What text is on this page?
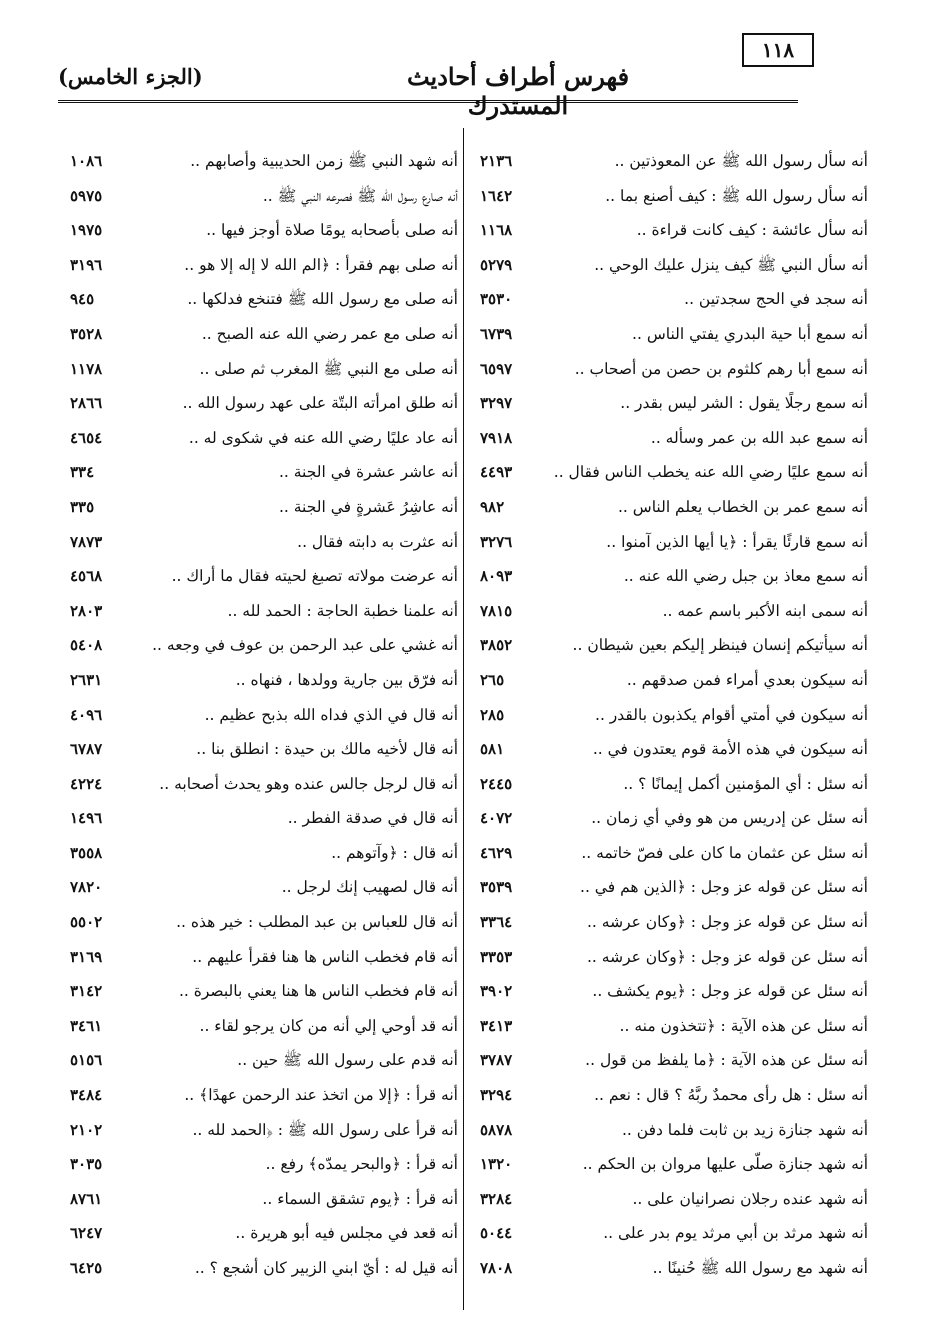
فهرس أطراف أحاديث المستدرك
(الجزء الخامس)
١١٨
٢١٣٦	أنه سأل رسول الله ﷺ عن المعوذتين ..
١٦٤٢	أنه سأل رسول الله ﷺ : كيف أصنع بما ..
١١٦٨	أنه سأل عائشة : كيف كانت قراءة ..
٥٢٧٩	أنه سأل النبي ﷺ كيف ينزل عليك الوحي ..
٣٥٣٠	أنه سجد في الحج سجدتين ..
٦٧٣٩	أنه سمع أبا حية البدري يفتي الناس ..
٦٥٩٧	أنه سمع أبا رهم كلثوم بن حصن من أصحاب ..
٣٢٩٧	أنه سمع رجلًا يقول : الشر ليس بقدر ..
٧٩١٨	أنه سمع عبد الله بن عمر وسأله ..
٤٤٩٣	أنه سمع عليًا رضي الله عنه يخطب الناس فقال ..
٩٨٢	أنه سمع عمر بن الخطاب يعلم الناس ..
٣٢٧٦	أنه سمع قارئًا يقرأ : ﴿يا أيها الذين آمنوا ..
٨٠٩٣	أنه سمع معاذ بن جبل رضي الله عنه ..
٧٨١٥	أنه سمى ابنه الأكبر باسم عمه ..
٣٨٥٢	أنه سيأتيكم إنسان فينظر إليكم بعين شيطان ..
٢٦٥	أنه سيكون بعدي أمراء فمن صدقهم ..
٢٨٥	أنه سيكون في أمتي أقوام يكذبون بالقدر ..
٥٨١	أنه سيكون في هذه الأمة قوم يعتدون في ..
٢٤٤٥	أنه سئل : أي المؤمنين أكمل إيمانًا ؟ ..
٤٠٧٢	أنه سئل عن إدريس من هو وفي أي زمان ..
٤٦٢٩	أنه سئل عن عثمان ما كان على فصّ خاتمه ..
٣٥٣٩	أنه سئل عن قوله عز وجل : ﴿الذين هم في ..
٣٣٦٤	أنه سئل عن قوله عز وجل : ﴿وكان عرشه ..
٣٣٥٣	أنه سئل عن قوله عز وجل : ﴿وكان عرشه ..
٣٩٠٢	أنه سئل عن قوله عز وجل : ﴿يوم يكشف ..
٣٤١٣	أنه سئل عن هذه الآية : ﴿تتخذون منه ..
٣٧٨٧	أنه سئل عن هذه الآية : ﴿ما يلفظ من قول ..
٣٢٩٤	أنه سئل : هل رأى محمدٌ ربَّهُ ؟ قال : نعم ..
٥٨٧٨	أنه شهد جنازة زيد بن ثابت فلما دفن ..
١٣٢٠	أنه شهد جنازة صلّى عليها مروان بن الحكم ..
٣٢٨٤	أنه شهد عنده رجلان نصرانيان على ..
٥٠٤٤	أنه شهد مرثد بن أبي مرثد يوم بدر على ..
٧٨٠٨	أنه شهد مع رسول الله ﷺ حُنينًا ..
١٠٨٦	أنه شهد النبي ﷺ زمن الحديبية وأصابهم ..
٥٩٧٥	أنه صارع رسول الله ﷺ فصرعه النبي ﷺ ..
١٩٧٥	أنه صلى بأصحابه يومًا صلاة أوجز فيها ..
٣١٩٦	أنه صلى بهم فقرأ : ﴿الم الله لا إله إلا هو ..
٩٤٥	أنه صلى مع رسول الله ﷺ فتنخع فدلكها ..
٣٥٢٨	أنه صلى مع عمر رضي الله عنه الصبح ..
١١٧٨	أنه صلى مع النبي ﷺ المغرب ثم صلى ..
٢٨٦٦	أنه طلق امرأته البتّة على عهد رسول الله ..
٤٦٥٤	أنه عاد عليًا رضي الله عنه في شكوى له ..
٣٣٤	أنه عاشر عشرة في الجنة ..
٣٣٥	أنه عاشِرُ عَشرةٍ في الجنة ..
٧٨٧٣	أنه عثرت به دابته فقال ..
٤٥٦٨	أنه عرضت مولاته تصبغ لحيته فقال ما أراك ..
٢٨٠٣	أنه علمنا خطبة الحاجة : الحمد لله ..
٥٤٠٨	أنه غشي على عبد الرحمن بن عوف في وجعه ..
٢٦٣١	أنه فرّق بين جارية وولدها ، فنهاه ..
٤٠٩٦	أنه قال في الذي فداه الله بذبح عظيم ..
٦٧٨٧	أنه قال لأخيه مالك بن حيدة : انطلق بنا ..
٤٢٢٤	أنه قال لرجل جالس عنده وهو يحدث أصحابه ..
١٤٩٦	أنه قال في صدقة الفطر ..
٣٥٥٨	أنه قال : ﴿وآتوهم ..
٧٨٢٠	أنه قال لصهيب إنك لرجل ..
٥٥٠٢	أنه قال للعباس بن عبد المطلب : خير هذه ..
٣١٦٩	أنه قام فخطب الناس ها هنا فقرأ عليهم ..
٣١٤٢	أنه قام فخطب الناس ها هنا يعني بالبصرة ..
٣٤٦١	أنه قد أوحي إلي أنه من كان يرجو لقاء ..
٥١٥٦	أنه قدم على رسول الله ﷺ حين ..
٣٤٨٤	أنه قرأ : ﴿إلا من اتخذ عند الرحمن عهدًا﴾ ..
٢١٠٢	أنه قرأ على رسول الله ﷺ : ﴿الحمد لله ..
٣٠٣٥	أنه قرأ : ﴿والبحر يمدّه﴾ رفع ..
٨٧٦١	أنه قرأ : ﴿يوم تشقق السماء ..
٦٢٤٧	أنه قعد في مجلس فيه أبو هريرة ..
٦٤٢٥	أنه قيل له : أيّ ابني الزبير كان أشجع ؟ ..
